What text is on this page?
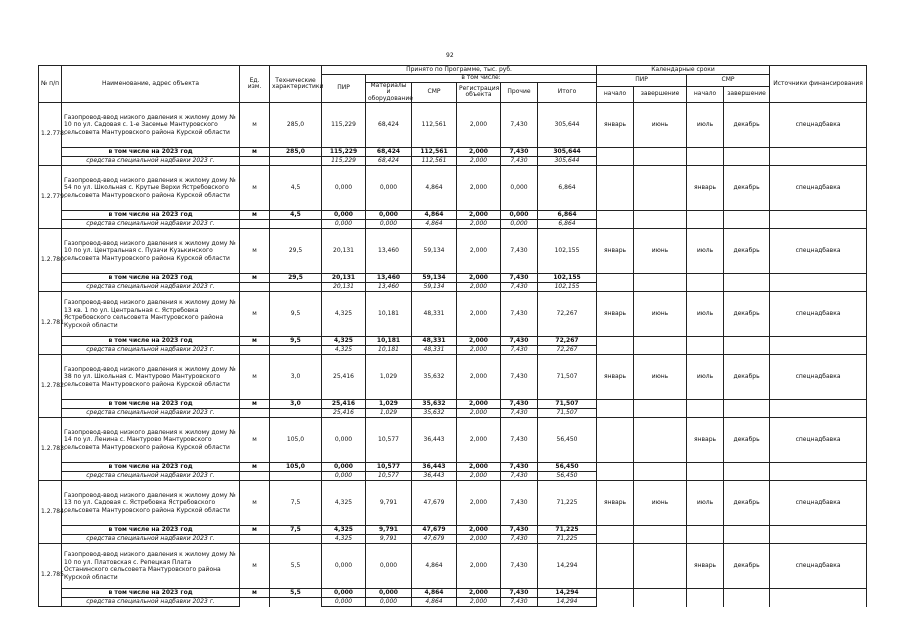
92
№ п/п	Наименование, адрес объекта	Ед. изм.	Технические характеристики	Принято по Программе, тыс. руб.						Календарные сроки				Источники финансирования
				ПИР	в том числе:					ПИР		СМР		
					Материалы и оборудование	СМР	Регистрация объекта	Прочие	Итого					
										начало	завершение	начало	завершение	
1.2.778.	Газопровод-ввод низкого давления к жилому дому № 10 по ул. Садовая с. 1-е Засемье Мантуровского сельсовета Мантуровского района Курской области	м	285,0	115,229	68,424	112,561	2,000	7,430	305,644	январь	июнь	июль	декабрь	спецнадбавка
	в том числе на 2023 год	м	285,0	115,229	68,424	112,561	2,000	7,430	305,644					
	средства специальной надбавки 2023 г.			115,229	68,424	112,561	2,000	7,430	305,644					
1.2.779.	Газопровод-ввод низкого давления к жилому дому № 54 по ул. Школьная с. Крутые Верхи Ястребовского сельсовета Мантуровского района Курской области	м	4,5	0,000	0,000	4,864	2,000	0,000	6,864			январь	декабрь	спецнадбавка
	в том числе на 2023 год	м	4,5	0,000	0,000	4,864	2,000	0,000	6,864					
	средства специальной надбавки 2023 г.			0,000	0,000	4,864	2,000	0,000	6,864					
1.2.780.	Газопровод-ввод низкого давления к жилому дому № 10 по ул. Центральная с. Пузачи Кузькинского сельсовета Мантуровского района Курской области	м	29,5	20,131	13,460	59,134	2,000	7,430	102,155	январь	июнь	июль	декабрь	спецнадбавка
	в том числе на 2023 год	м	29,5	20,131	13,460	59,134	2,000	7,430	102,155					
	средства специальной надбавки 2023 г.			20,131	13,460	59,134	2,000	7,430	102,155					
1.2.781.	Газопровод-ввод низкого давления к жилому дому № 13 кв. 1 по ул. Центральная с. Ястребовка Ястребовского сельсовета Мантуровского района Курской области	м	9,5	4,325	10,181	48,331	2,000	7,430	72,267	январь	июнь	июль	декабрь	спецнадбавка
	в том числе на 2023 год	м	9,5	4,325	10,181	48,331	2,000	7,430	72,267					
	средства специальной надбавки 2023 г.			4,325	10,181	48,331	2,000	7,430	72,267					
1.2.782.	Газопровод-ввод низкого давления к жилому дому № 38 по ул. Школьная с. Мантурово Мантуровского сельсовета Мантуровского района Курской области	м	3,0	25,416	1,029	35,632	2,000	7,430	71,507	январь	июнь	июль	декабрь	спецнадбавка
	в том числе на 2023 год	м	3,0	25,416	1,029	35,632	2,000	7,430	71,507					
	средства специальной надбавки 2023 г.			25,416	1,029	35,632	2,000	7,430	71,507					
1.2.783.	Газопровод-ввод низкого давления к жилому дому № 14 по ул. Ленина с. Мантурово Мантуровского сельсовета Мантуровского района Курской области	м	105,0	0,000	10,577	36,443	2,000	7,430	56,450			январь	декабрь	спецнадбавка
	в том числе на 2023 год	м	105,0	0,000	10,577	36,443	2,000	7,430	56,450					
	средства специальной надбавки 2023 г.			0,000	10,577	36,443	2,000	7,430	56,450					
1.2.784.	Газопровод-ввод низкого давления к жилому дому № 13 по ул. Садовая с. Ястребовка Ястребовского сельсовета Мантуровского района Курской области	м	7,5	4,325	9,791	47,679	2,000	7,430	71,225	январь	июнь	июль	декабрь	спецнадбавка
	в том числе на 2023 год	м	7,5	4,325	9,791	47,679	2,000	7,430	71,225					
	средства специальной надбавки 2023 г.			4,325	9,791	47,679	2,000	7,430	71,225					
1.2.785.	Газопровод-ввод низкого давления к жилому дому № 10 по ул. Платовская с. Репецкая Плата Останинского сельсовета Мантуровского района Курской области	м	5,5	0,000	0,000	4,864	2,000	7,430	14,294			январь	декабрь	спецнадбавка
	в том числе на 2023 год	м	5,5	0,000	0,000	4,864	2,000	7,430	14,294					
	средства специальной надбавки 2023 г.			0,000	0,000	4,864	2,000	7,430	14,294					
